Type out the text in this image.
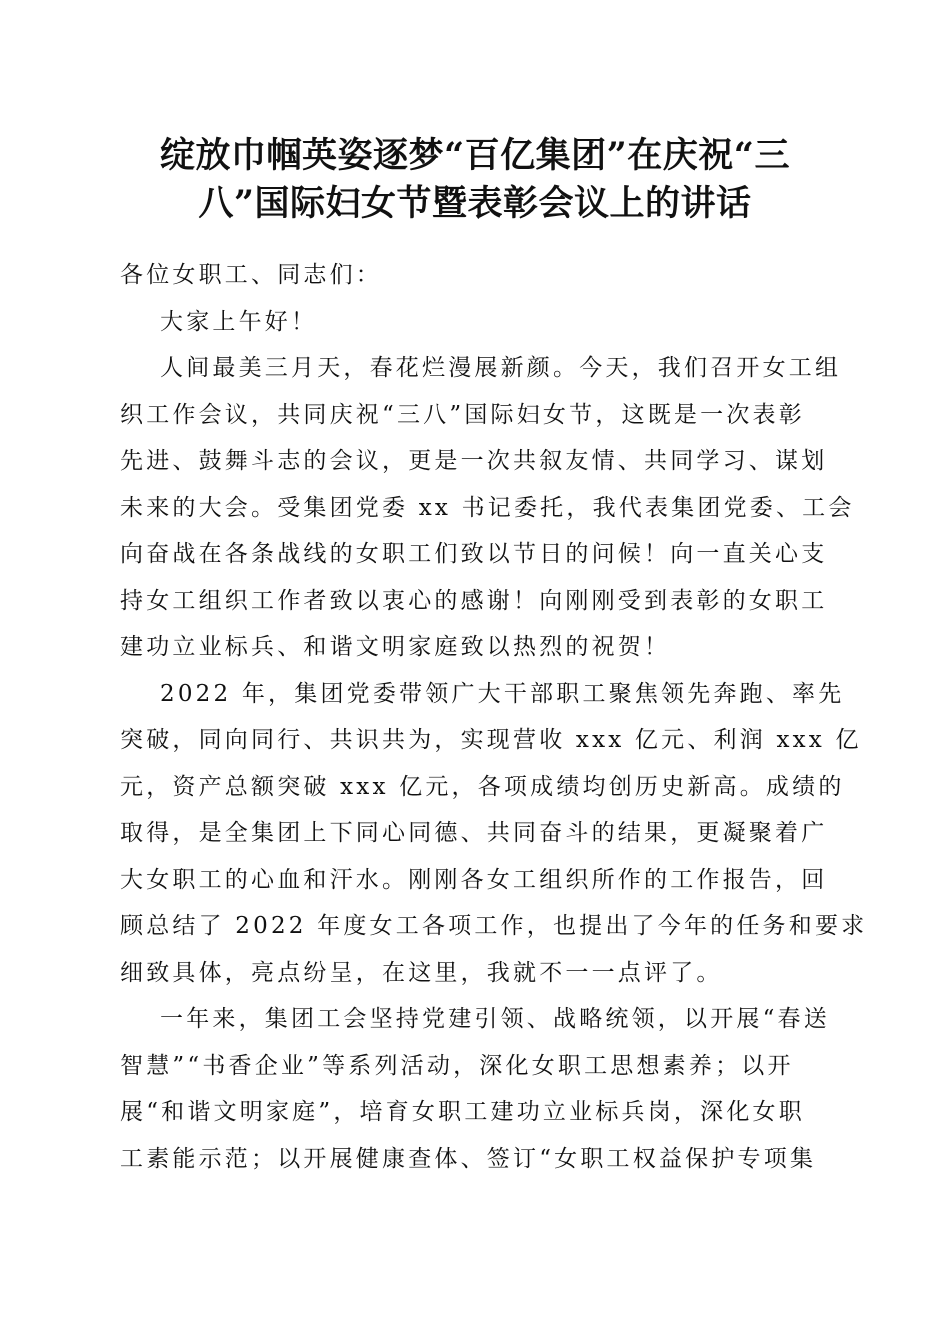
绽放巾帼英姿逐梦“百亿集团”在庆祝“三
八”国际妇女节暨表彰会议上的讲话
各位女职工、同志们：
大家上午好！
人间最美三月天，春花烂漫展新颜。今天，我们召开女工组
织工作会议，共同庆祝“三八”国际妇女节，这既是一次表彰
先进、鼓舞斗志的会议，更是一次共叙友情、共同学习、谋划
未来的大会。受集团党委 xx 书记委托，我代表集团党委、工会
向奋战在各条战线的女职工们致以节日的问候！向一直关心支
持女工组织工作者致以衷心的感谢！向刚刚受到表彰的女职工
建功立业标兵、和谐文明家庭致以热烈的祝贺！
2022 年，集团党委带领广大干部职工聚焦领先奔跑、率先
突破，同向同行、共识共为，实现营收 xxx 亿元、利润 xxx 亿
元，资产总额突破 xxx 亿元，各项成绩均创历史新高。成绩的
取得，是全集团上下同心同德、共同奋斗的结果，更凝聚着广
大女职工的心血和汗水。刚刚各女工组织所作的工作报告，回
顾总结了 2022 年度女工各项工作，也提出了今年的任务和要求
细致具体，亮点纷呈，在这里，我就不一一点评了。
一年来，集团工会坚持党建引领、战略统领，以开展“春送
智慧”“书香企业”等系列活动，深化女职工思想素养；以开
展“和谐文明家庭”，培育女职工建功立业标兵岗，深化女职
工素能示范；以开展健康查体、签订“女职工权益保护专项集
